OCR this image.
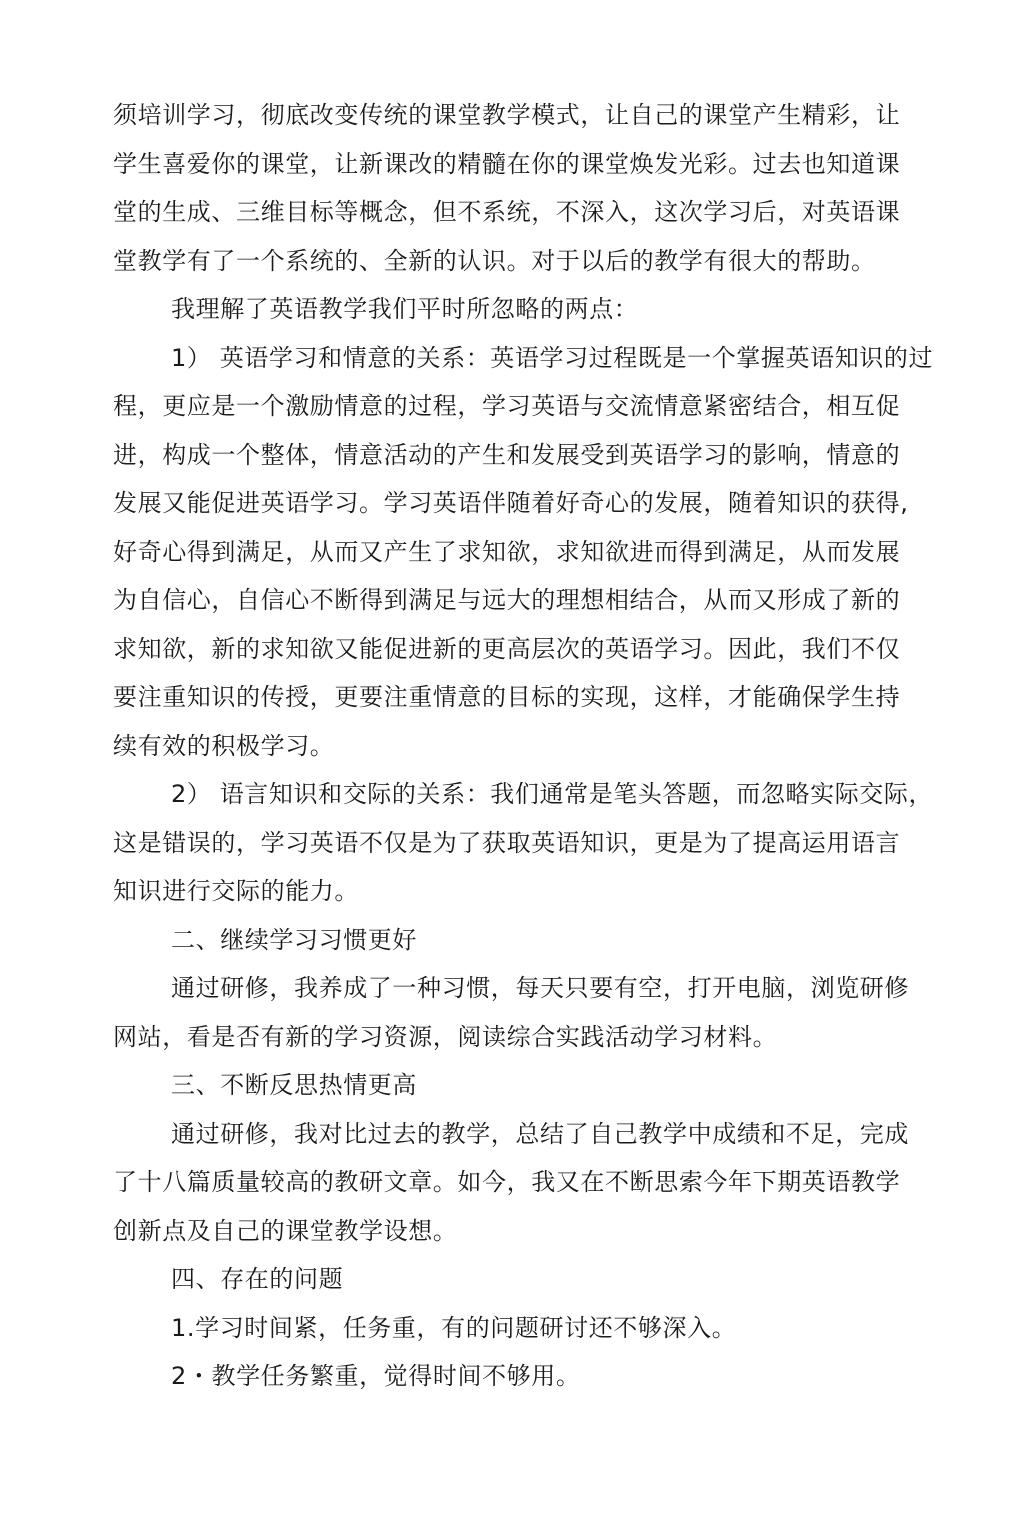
须培训学习，彻底改变传统的课堂教学模式，让自己的课堂产生精彩，让
学生喜爱你的课堂，让新课改的精髓在你的课堂焕发光彩。过去也知道课
堂的生成、三维目标等概念，但不系统，不深入，这次学习后，对英语课
堂教学有了一个系统的、全新的认识。对于以后的教学有很大的帮助。
我理解了英语教学我们平时所忽略的两点：
1） 英语学习和情意的关系：英语学习过程既是一个掌握英语知识的过
程，更应是一个激励情意的过程，学习英语与交流情意紧密结合，相互促
进，构成一个整体，情意活动的产生和发展受到英语学习的影响，情意的
发展又能促进英语学习。学习英语伴随着好奇心的发展，随着知识的获得,
好奇心得到满足，从而又产生了求知欲，求知欲进而得到满足，从而发展
为自信心，自信心不断得到满足与远大的理想相结合，从而又形成了新的
求知欲，新的求知欲又能促进新的更高层次的英语学习。因此，我们不仅
要注重知识的传授，更要注重情意的目标的实现，这样，才能确保学生持
续有效的积极学习。
2） 语言知识和交际的关系：我们通常是笔头答题，而忽略实际交际，
这是错误的，学习英语不仅是为了获取英语知识，更是为了提高运用语言
知识进行交际的能力。
二、继续学习习惯更好
通过研修，我养成了一种习惯，每天只要有空，打开电脑，浏览研修
网站，看是否有新的学习资源，阅读综合实践活动学习材料。
三、不断反思热情更高
通过研修，我对比过去的教学，总结了自己教学中成绩和不足，完成
了十八篇质量较高的教研文章。如今，我又在不断思索今年下期英语教学
创新点及自己的课堂教学设想。
四、存在的问题
1.学习时间紧，任务重，有的问题研讨还不够深入。
2・教学任务繁重，觉得时间不够用。
